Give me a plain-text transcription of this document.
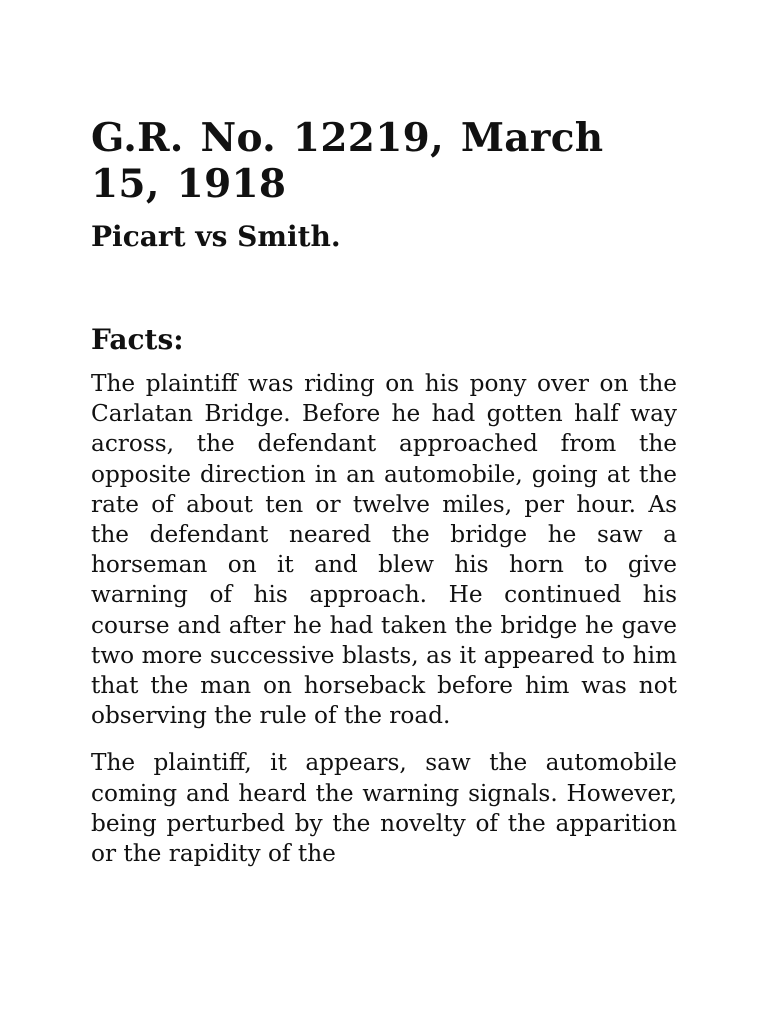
G.R. No. 12219, March 15, 1918
Picart vs Smith.
Facts:

The plaintiff was riding on his pony over on the Carlatan Bridge. Before he had gotten half way across, the defendant approached from the opposite direction in an automobile, going at the rate of about ten or twelve miles, per hour. As the defendant neared the bridge he saw a horseman on it and blew his horn to give warning of his approach. He continued his course and after he had taken the bridge he gave two more successive blasts, as it appeared to him that the man on horseback before him was not observing the rule of the road.

The plaintiff, it appears, saw the automobile coming and heard the warning signals. However, being perturbed by the novelty of the apparition or the rapidity of the
